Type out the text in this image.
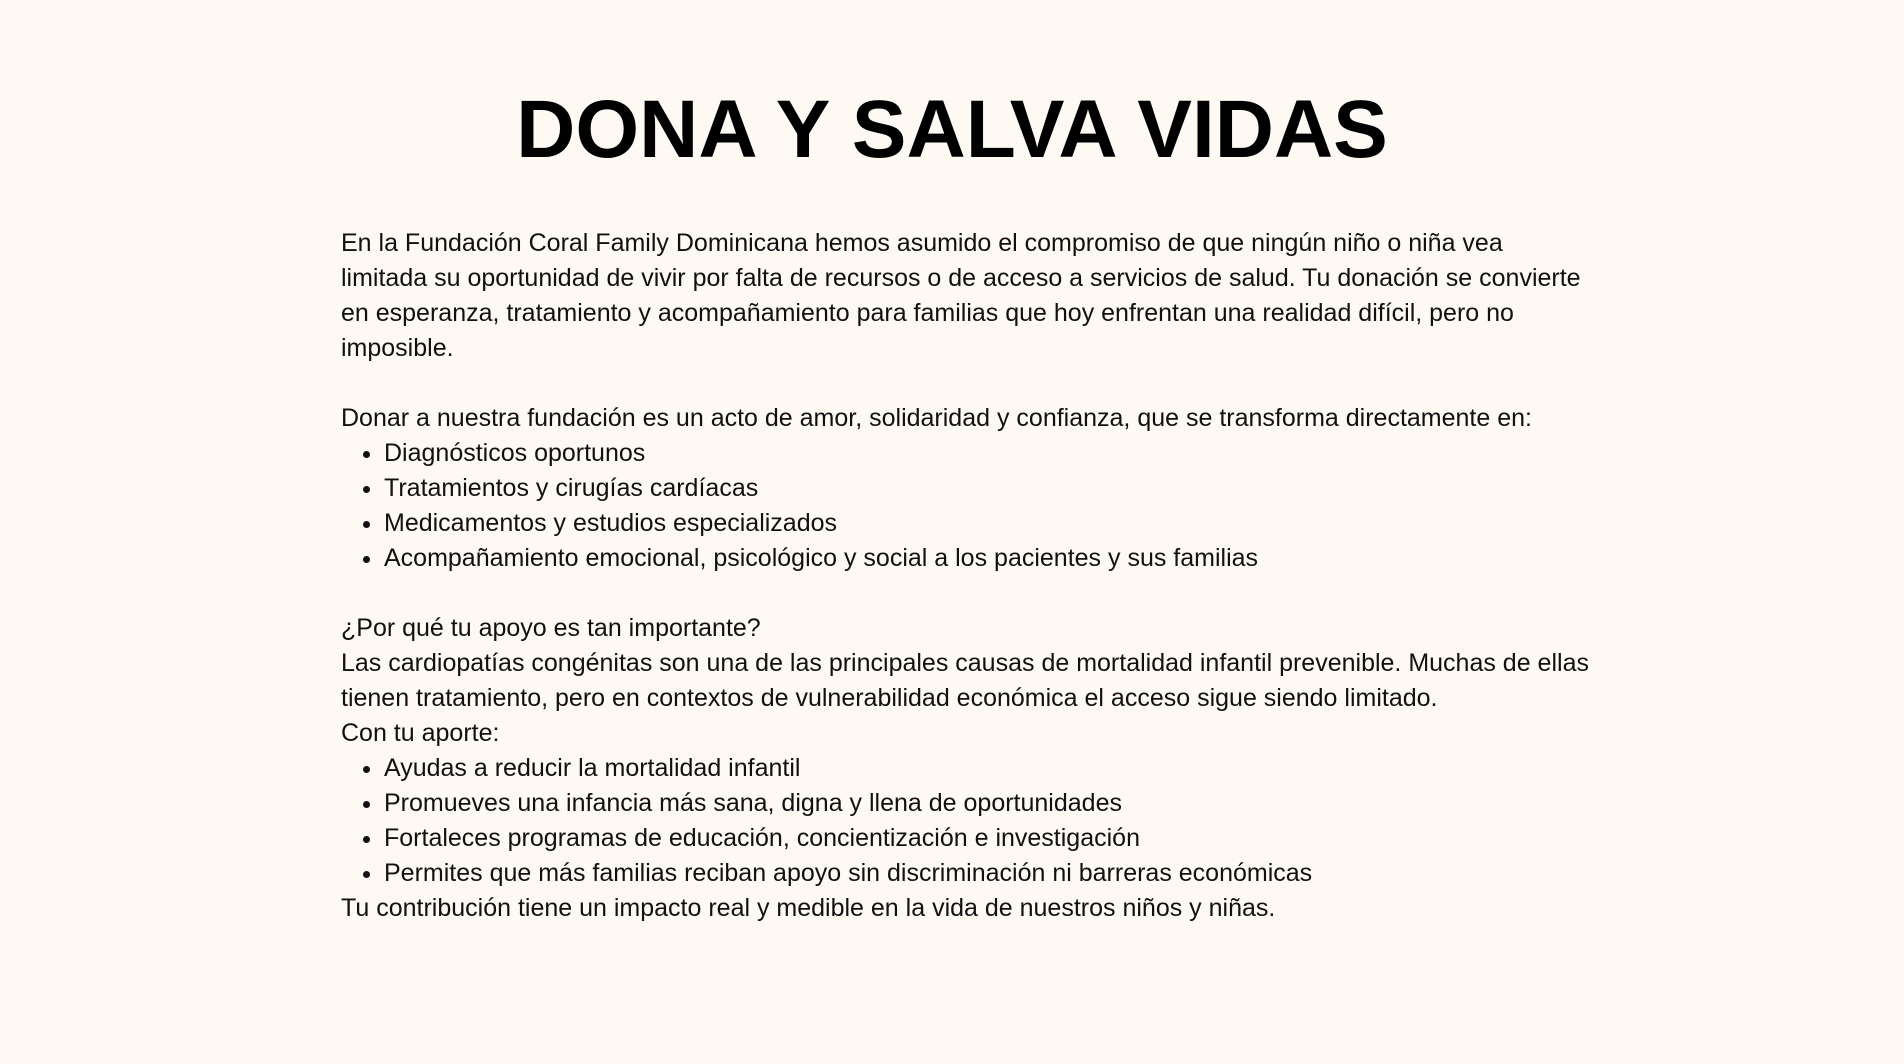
DONA Y SALVA VIDAS

En la Fundación Coral Family Dominicana hemos asumido el compromiso de que ningún niño o niña vea limitada su oportunidad de vivir por falta de recursos o de acceso a servicios de salud. Tu donación se convierte en esperanza, tratamiento y acompañamiento para familias que hoy enfrentan una realidad difícil, pero no imposible.

Donar a nuestra fundación es un acto de amor, solidaridad y confianza, que se transforma directamente en:

• Diagnósticos oportunos
• Tratamientos y cirugías cardíacas
• Medicamentos y estudios especializados
• Acompañamiento emocional, psicológico y social a los pacientes y sus familias

¿Por qué tu apoyo es tan importante?

Las cardiopatías congénitas son una de las principales causas de mortalidad infantil prevenible. Muchas de ellas tienen tratamiento, pero en contextos de vulnerabilidad económica el acceso sigue siendo limitado.

Con tu aporte:

• Ayudas a reducir la mortalidad infantil
• Promueves una infancia más sana, digna y llena de oportunidades
• Fortaleces programas de educación, concientización e investigación
• Permites que más familias reciban apoyo sin discriminación ni barreras económicas

Tu contribución tiene un impacto real y medible en la vida de nuestros niños y niñas.
